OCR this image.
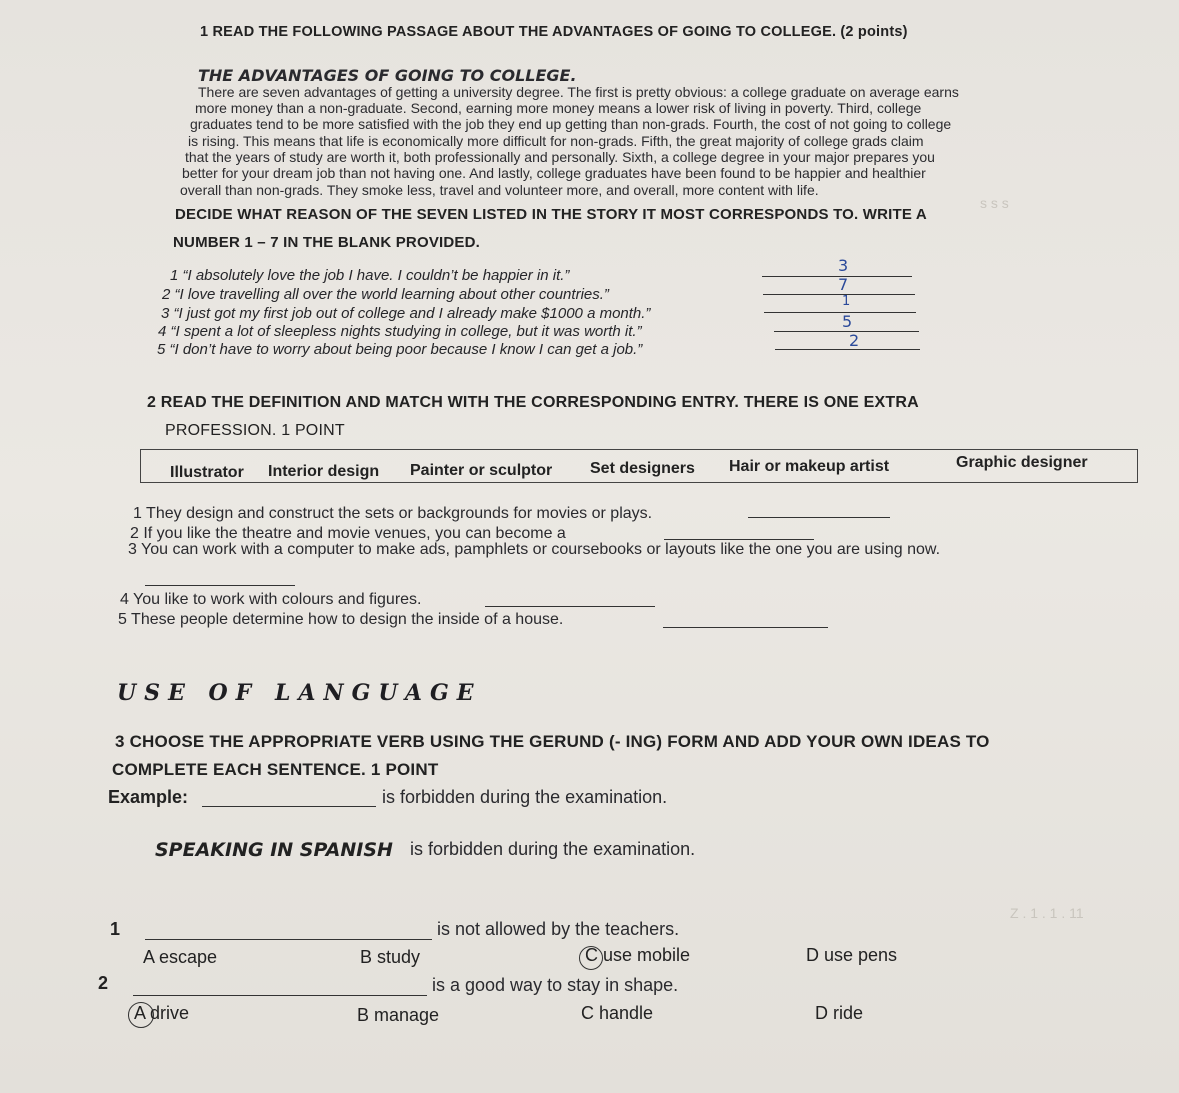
s s s
Z . 1 . 1 . 11
1 READ THE FOLLOWING PASSAGE ABOUT THE ADVANTAGES OF GOING TO COLLEGE. (2 points)
THE ADVANTAGES OF GOING TO COLLEGE.
There are seven advantages of getting a university degree. The first is pretty obvious: a college graduate on average earns
more money than a non-graduate. Second, earning more money means a lower risk of living in poverty. Third, college
graduates tend to be more satisfied with the job they end up getting than non-grads. Fourth, the cost of not going to college
is rising. This means that life is economically more difficult for non-grads. Fifth, the great majority of college grads claim
that the years of study are worth it, both professionally and personally. Sixth, a college degree in your major prepares you
better for your dream job than not having one. And lastly, college graduates have been found to be happier and healthier
overall than non-grads. They smoke less, travel and volunteer more, and overall, more content with life.
DECIDE WHAT REASON OF THE SEVEN LISTED IN THE STORY IT MOST CORRESPONDS TO. WRITE A
NUMBER 1 – 7 IN THE BLANK PROVIDED.
1 “I absolutely love the job I have. I couldn’t be happier in it.”
2 “I love travelling all over the world learning about other countries.”
3 “I just got my first job out of college and I already make $1000 a month.”
4 “I spent a lot of sleepless nights studying in college, but it was worth it.”
5 “I don’t have to worry about being poor because I know I can get a job.”
3
7
1
5
2
2 READ THE DEFINITION AND MATCH WITH THE CORRESPONDING ENTRY. THERE IS ONE EXTRA
PROFESSION. 1 POINT
Illustrator Interior design Painter or sculptor Set designers Hair or makeup artist	Graphic designer
1 They design and construct the sets or backgrounds for movies or plays.
2 If you like the theatre and movie venues, you can become a
3 You can work with a computer to make ads, pamphlets or coursebooks or layouts like the one you are using now.
4 You like to work with colours and figures.
5 These people determine how to design the inside of a house.
USE OF LANGUAGE
3 CHOOSE THE APPROPRIATE VERB USING THE GERUND (- ING) FORM AND ADD YOUR OWN IDEAS TO
COMPLETE EACH SENTENCE. 1 POINT
Example:	is forbidden during the examination.
SPEAKING IN SPANISH is forbidden during the examination.
1	is not allowed by the teachers.
A escape	B study	C use mobile	D use pens
2	is a good way to stay in shape.
A drive	B manage	C handle	D ride
